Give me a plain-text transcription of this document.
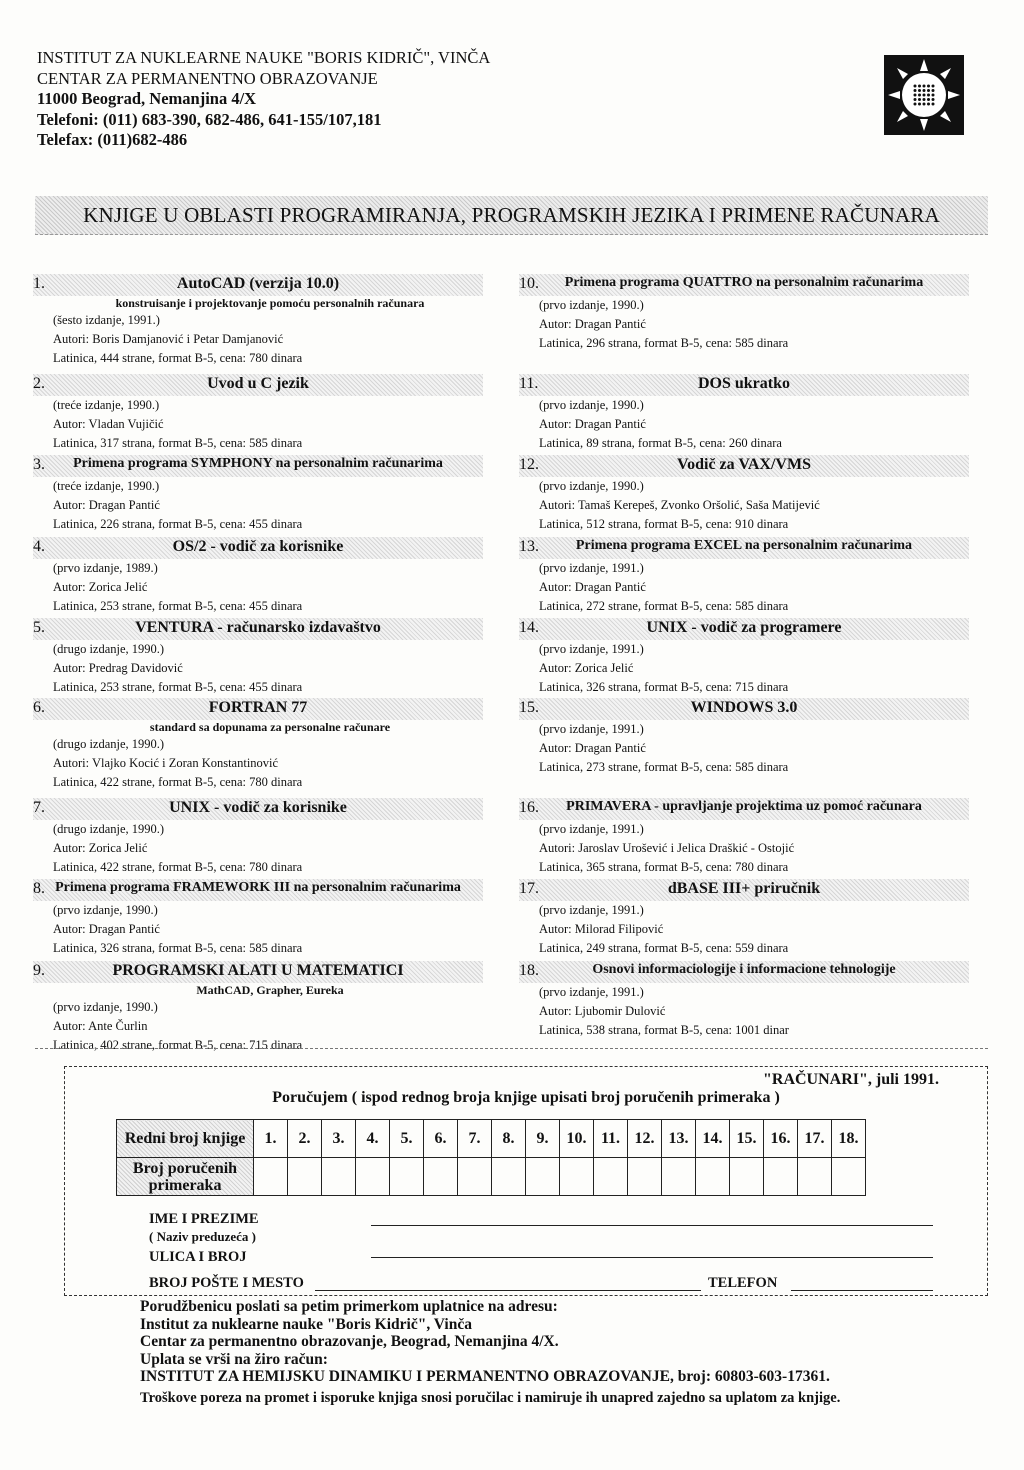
INSTITUT ZA NUKLEARNE NAUKE "BORIS KIDRIČ", VINČA
CENTAR ZA PERMANENTNO OBRAZOVANJE
11000 Beograd, Nemanjina 4/X
Telefoni: (011) 683-390, 682-486, 641-155/107,181
Telefax: (011)682-486
KNJIGE U OBLASTI PROGRAMIRANJA, PROGRAMSKIH JEZIKA I PRIMENE RAČUNARA
1.	AutoCAD (verzija 10.0)
konstruisanje i projektovanje pomoću personalnih računara
(šesto izdanje, 1991.)
Autori: Boris Damjanović i Petar Damjanović
Latinica, 444 strane, format B-5, cena: 780 dinara
2.	Uvod u C jezik
(treće izdanje, 1990.)
Autor: Vladan Vujičić
Latinica, 317 strana, format B-5, cena: 585 dinara
3.	Primena programa SYMPHONY na personalnim računarima
(treće izdanje, 1990.)
Autor: Dragan Pantić
Latinica, 226 strana, format B-5, cena: 455 dinara
4.	OS/2 - vodič za korisnike
(prvo izdanje, 1989.)
Autor: Zorica Jelić
Latinica, 253 strane, format B-5, cena: 455 dinara
5.	VENTURA - računarsko izdavaštvo
(drugo izdanje, 1990.)
Autor: Predrag Davidović
Latinica, 253 strane, format B-5, cena: 455 dinara
6.	FORTRAN 77
standard sa dopunama za personalne računare
(drugo izdanje, 1990.)
Autori: Vlajko Kocić i Zoran Konstantinović
Latinica, 422 strane, format B-5, cena: 780 dinara
7.	UNIX - vodič za korisnike
(drugo izdanje, 1990.)
Autor: Zorica Jelić
Latinica, 422 strane, format B-5, cena: 780 dinara
8. Primena programa FRAMEWORK III na personalnim računarima
(prvo izdanje, 1990.)
Autor: Dragan Pantić
Latinica, 326 strana, format B-5, cena: 585 dinara
9.	PROGRAMSKI ALATI U MATEMATICI
MathCAD, Grapher, Eureka
(prvo izdanje, 1990.)
Autor: Ante Čurlin
Latinica, 402 strane, format B-5, cena: 715 dinara
10.	Primena programa QUATTRO na personalnim računarima
(prvo izdanje, 1990.)
Autor: Dragan Pantić
Latinica, 296 strana, format B-5, cena: 585 dinara
11.	DOS ukratko
(prvo izdanje, 1990.)
Autor: Dragan Pantić
Latinica, 89 strana, format B-5, cena: 260 dinara
12.	Vodič za VAX/VMS
(prvo izdanje, 1990.)
Autori: Tamaš Kerepeš, Zvonko Oršolić, Saša Matijević
Latinica, 512 strana, format B-5, cena: 910 dinara
13.	Primena programa EXCEL na personalnim računarima
(prvo izdanje, 1991.)
Autor: Dragan Pantić
Latinica, 272 strane, format B-5, cena: 585 dinara
14.	UNIX - vodič za programere
(prvo izdanje, 1991.)
Autor: Zorica Jelić
Latinica, 326 strana, format B-5, cena: 715 dinara
15.	WINDOWS 3.0
(prvo izdanje, 1991.)
Autor: Dragan Pantić
Latinica, 273 strane, format B-5, cena: 585 dinara
16.	PRIMAVERA - upravljanje projektima uz pomoć računara
(prvo izdanje, 1991.)
Autori: Jaroslav Urošević i Jelica Draškić - Ostojić
Latinica, 365 strana, format B-5, cena: 780 dinara
17.	dBASE III+ priručnik
(prvo izdanje, 1991.)
Autor: Milorad Filipović
Latinica, 249 strana, format B-5, cena: 559 dinara
18.	Osnovi informaciologije i informacione tehnologije
(prvo izdanje, 1991.)
Autor: Ljubomir Dulović
Latinica, 538 strana, format B-5, cena: 1001 dinar
"RAČUNARI", juli 1991.
Poručujem ( ispod rednog broja knjige upisati broj poručenih primeraka )
Redni broj knjige	1.	2.	3.	4.	5.	6.	7.	8.	9.	10.	11.	12.	13.	14.	15.	16.	17.	18.
Broj poručenih primeraka																		
IME I PREZIME
( Naziv preduzeća )
ULICA I BROJ
BROJ POŠTE I MESTO	TELEFON
Porudžbenicu poslati sa petim primerkom uplatnice na adresu:
Institut za nuklearne nauke "Boris Kidrič", Vinča
Centar za permanentno obrazovanje, Beograd, Nemanjina 4/X.
Uplata se vrši na žiro račun:
INSTITUT ZA HEMIJSKU DINAMIKU I PERMANENTNO OBRAZOVANJE, broj: 60803-603-17361.
Troškove poreza na promet i isporuke knjiga snosi poručilac i namiruje ih unapred zajedno sa uplatom za knjige.
